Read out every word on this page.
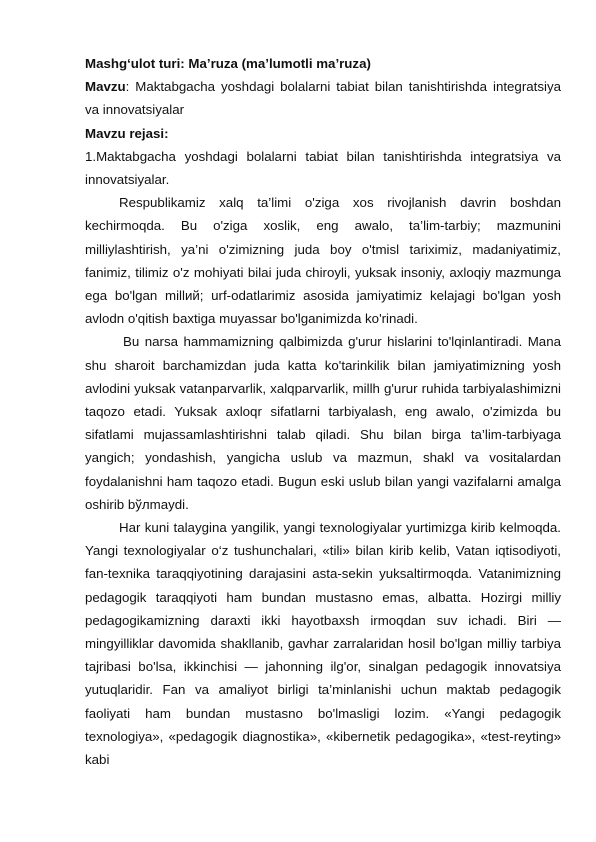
Mashg‘ulot turi: Ma’ruza (ma’lumotli ma’ruza)

Mavzu: Maktabgacha yoshdagi bolalarni tabiat bilan tanishtirishda integratsiya va innovatsiyalar

Mavzu rejasi:

1.Maktabgacha yoshdagi bolalarni tabiat bilan tanishtirishda integratsiya va innovatsiyalar.

Respublikamiz xalq ta’limi o'ziga xos rivojlanish davrin boshdan kechirmoqda. Bu o'ziga xoslik, eng awalo, ta’lim-tarbiy; mazmunini milliylashtirish, ya’ni o'zimizning juda boy o'tmisl tariximiz, madaniyatimiz, fanimiz, tilimiz o'z mohiyati bilai juda chiroyli, yuksak insoniy, axloqiy mazmunga ega bo'lgan millий; urf-odatlarimiz asosida jamiyatimiz kelajagi bo'lgan yosh avlodn o'qitish baxtiga muyassar bo'lganimizda ko'rinadi.

Bu narsa hammamizning qalbimizda g'urur hislarini to'lqinlantiradi. Mana shu sharoit barchamizdan juda katta ko'tarinkilik bilan jamiyatimizning yosh avlodini yuksak vatanparvarlik, xalqparvarlik, millh g'urur ruhida tarbiyalashimizni taqozo etadi. Yuksak axloqr sifatlarni tarbiyalash, eng awalo, o'zimizda bu sifatlami mujassamlashtirishni talab qiladi. Shu bilan birga ta’lim-tarbiyaga yangich; yondashish, yangicha uslub va mazmun, shakl va vositalardan foydalanishni ham taqozo etadi. Bugun eski uslub bilan yangi vazifalarni amalga oshirib bўлmaydi.

Har kuni talaygina yangilik, yangi texnologiyalar yurtimizga kirib kelmoqda. Yangi texnologiyalar o‘z tushunchalari, «tili» bilan kirib kelib, Vatan iqtisodiyoti, fan-texnika taraqqiyotining darajasini asta-sekin yuksaltirmoqda. Vatanimizning pedagogik taraqqiyoti ham bundan mustasno emas, albatta. Hozirgi milliy pedagogikamizning daraxti ikki hayotbaxsh irmoqdan suv ichadi. Biri — mingyilliklar davomida shakllanib, gavhar zarralaridan hosil bo'lgan milliy tarbiya tajribasi bo'lsa, ikkinchisi — jahonning ilg'or, sinalgan pedagogik innovatsiya yutuqlaridir. Fan va amaliyot birligi ta’minlanishi uchun maktab pedagogik faoliyati ham bundan mustasno bo'lmasligi lozim. «Yangi pedagogik texnologiya», «pedagogik diagnostika», «kibernetik pedagogika», «test-reyting» kabi
